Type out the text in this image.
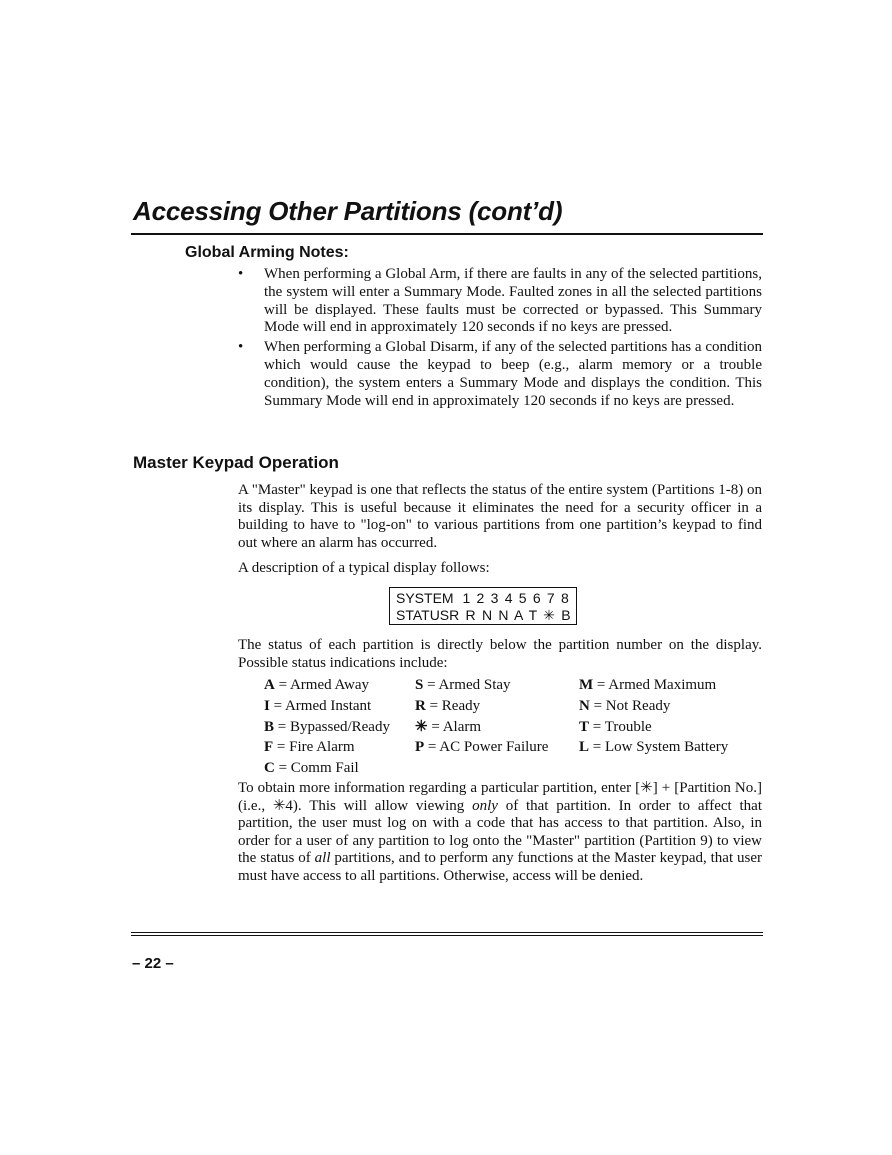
Accessing Other Partitions (cont’d)
Global Arming Notes:
• When performing a Global Arm, if there are faults in any of the selected partitions, the system will enter a Summary Mode. Faulted zones in all the selected partitions will be displayed. These faults must be corrected or bypassed. This Summary Mode will end in approximately 120 seconds if no keys are pressed.
• When performing a Global Disarm, if any of the selected partitions has a condition which would cause the keypad to beep (e.g., alarm memory or a trouble condition), the system enters a Summary Mode and displays the condition. This Summary Mode will end in approximately 120 seconds if no keys are pressed.
Master Keypad Operation

A "Master" keypad is one that reflects the status of the entire system (Partitions 1-8) on its display. This is useful because it eliminates the need for a security officer in a building to have to "log-on" to various partitions from one partition’s keypad to find out where an alarm has occurred.

A description of a typical display follows:

SYSTEM 1 2 3 4 5 6 7 8
STATUS R R N N A T ✳ B

The status of each partition is directly below the partition number on the display. Possible status indications include:

A = Armed Away	S = Armed Stay	M = Armed Maximum
I = Armed Instant	R = Ready	N = Not Ready
B = Bypassed/Ready	✳ = Alarm	T = Trouble
F = Fire Alarm	P = AC Power Failure	L = Low System Battery
C = Comm Fail

To obtain more information regarding a particular partition, enter [✳] + [Partition No.] (i.e., ✳4). This will allow viewing only of that partition. In order to affect that partition, the user must log on with a code that has access to that partition. Also, in order for a user of any partition to log onto the "Master" partition (Partition 9) to view the status of all partitions, and to perform any functions at the Master keypad, that user must have access to all partitions. Otherwise, access will be denied.

– 22 –
